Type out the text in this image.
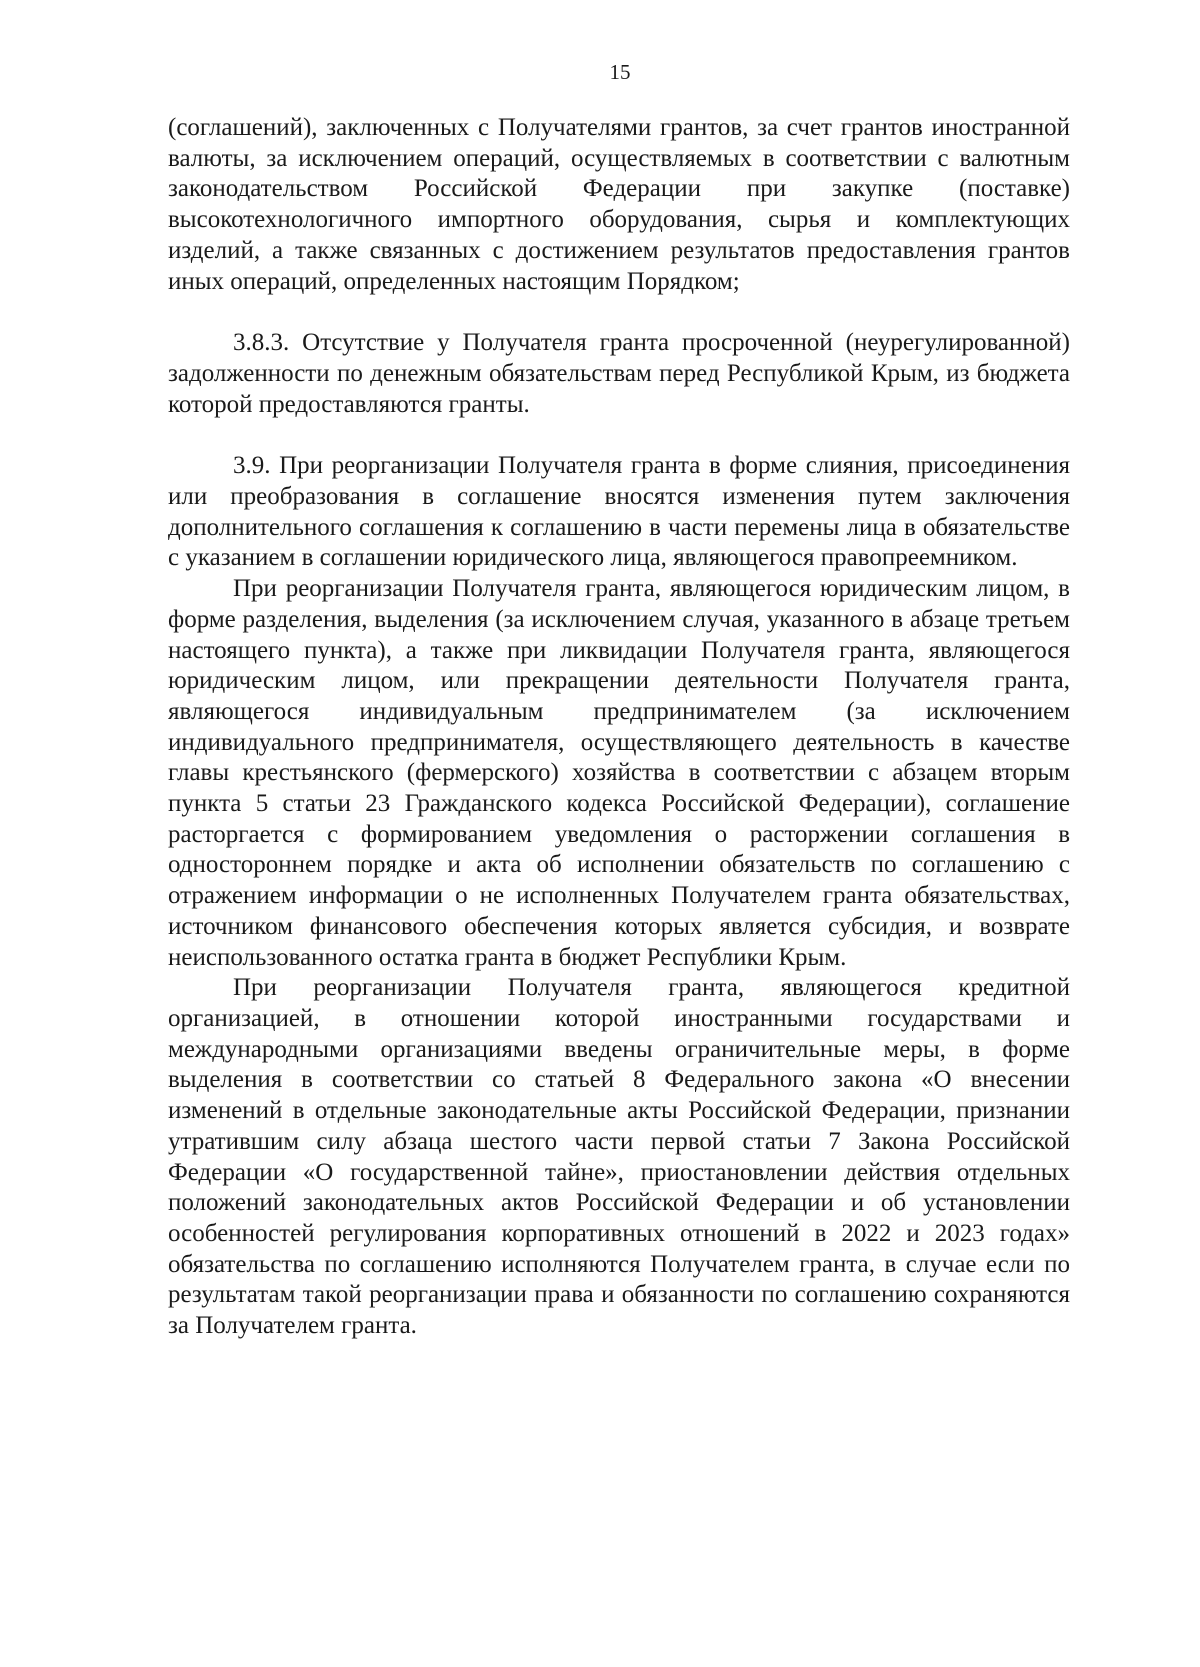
15

(соглашений), заключенных с Получателями грантов, за счет грантов иностранной валюты, за исключением операций, осуществляемых в соответствии с валютным законодательством Российской Федерации при закупке (поставке) высокотехнологичного импортного оборудования, сырья и комплектующих изделий, а также связанных с достижением результатов предоставления грантов иных операций, определенных настоящим Порядком;

3.8.3. Отсутствие у Получателя гранта просроченной (неурегулированной) задолженности по денежным обязательствам перед Республикой Крым, из бюджета которой предоставляются гранты.

3.9. При реорганизации Получателя гранта в форме слияния, присоединения или преобразования в соглашение вносятся изменения путем заключения дополнительного соглашения к соглашению в части перемены лица в обязательстве с указанием в соглашении юридического лица, являющегося правопреемником.

При реорганизации Получателя гранта, являющегося юридическим лицом, в форме разделения, выделения (за исключением случая, указанного в абзаце третьем настоящего пункта), а также при ликвидации Получателя гранта, являющегося юридическим лицом, или прекращении деятельности Получателя гранта, являющегося индивидуальным предпринимателем (за исключением индивидуального предпринимателя, осуществляющего деятельность в качестве главы крестьянского (фермерского) хозяйства в соответствии с абзацем вторым пункта 5 статьи 23 Гражданского кодекса Российской Федерации), соглашение расторгается с формированием уведомления о расторжении соглашения в одностороннем порядке и акта об исполнении обязательств по соглашению с отражением информации о не исполненных Получателем гранта обязательствах, источником финансового обеспечения которых является субсидия, и возврате неиспользованного остатка гранта в бюджет Республики Крым.

При реорганизации Получателя гранта, являющегося кредитной организацией, в отношении которой иностранными государствами и международными организациями введены ограничительные меры, в форме выделения в соответствии со статьей 8 Федерального закона «О внесении изменений в отдельные законодательные акты Российской Федерации, признании утратившим силу абзаца шестого части первой статьи 7 Закона Российской Федерации «О государственной тайне», приостановлении действия отдельных положений законодательных актов Российской Федерации и об установлении особенностей регулирования корпоративных отношений в 2022 и 2023 годах» обязательства по соглашению исполняются Получателем гранта, в случае если по результатам такой реорганизации права и обязанности по соглашению сохраняются за Получателем гранта.
